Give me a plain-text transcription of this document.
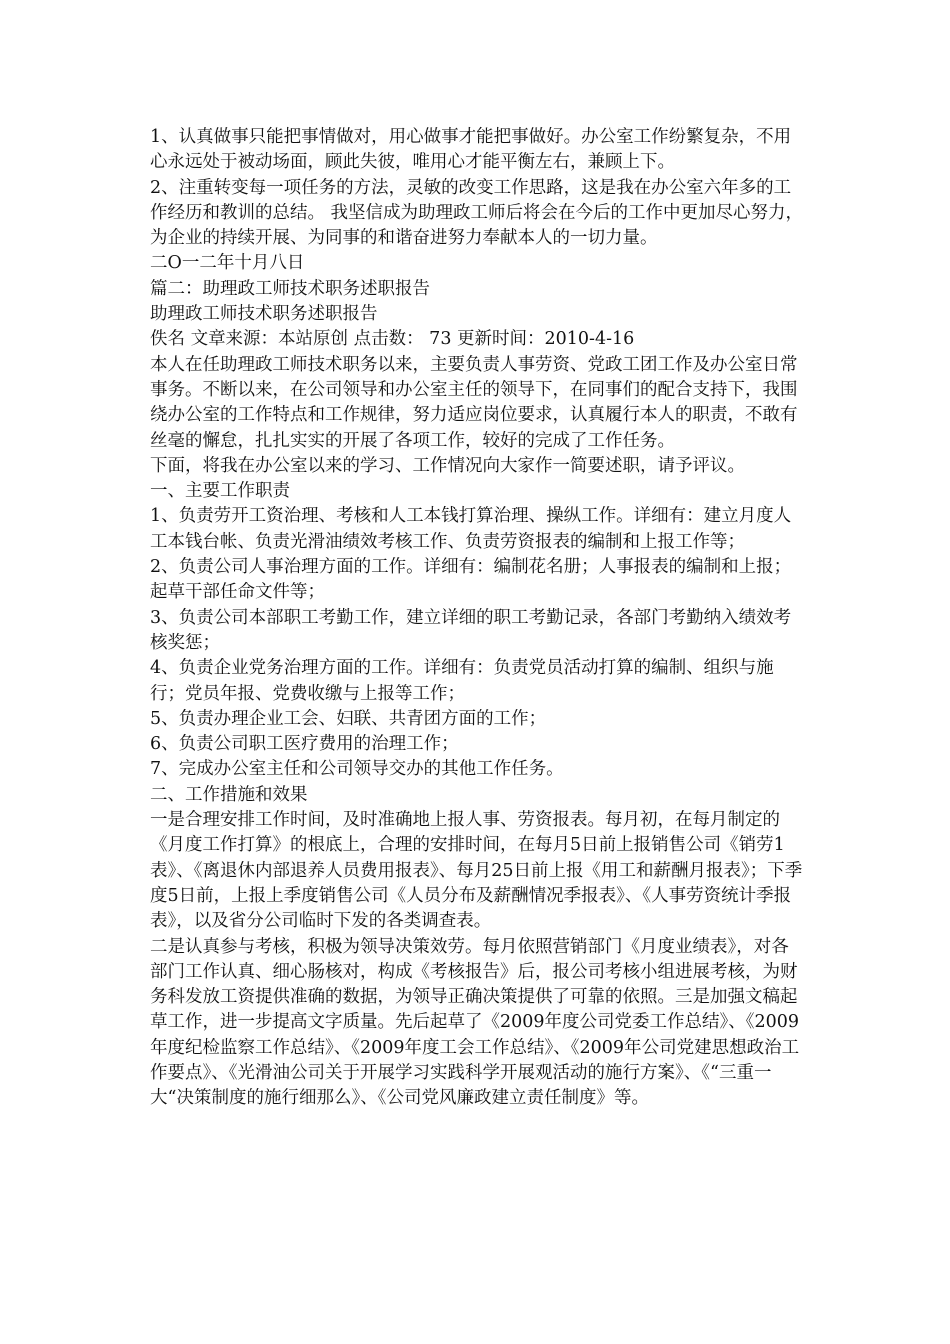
1、认真做事只能把事情做对，用心做事才能把事做好。办公室工作纷繁复杂，不用心永远处于被动场面，顾此失彼，唯用心才能平衡左右，兼顾上下。

2、注重转变每一项任务的方法，灵敏的改变工作思路，这是我在办公室六年多的工作经历和教训的总结。 我坚信成为助理政工师后将会在今后的工作中更加尽心努力，为企业的持续开展、为同事的和谐奋进努力奉献本人的一切力量。

二O一二年十月八日

篇二：助理政工师技术职务述职报告

助理政工师技术职务述职报告

佚名 文章来源：本站原创 点击数： 73 更新时间：2010-4-16

本人在任助理政工师技术职务以来，主要负责人事劳资、党政工团工作及办公室日常事务。不断以来，在公司领导和办公室主任的领导下，在同事们的配合支持下，我围绕办公室的工作特点和工作规律，努力适应岗位要求，认真履行本人的职责，不敢有丝毫的懈怠，扎扎实实的开展了各项工作，较好的完成了工作任务。

下面，将我在办公室以来的学习、工作情况向大家作一简要述职，请予评议。

一、主要工作职责

1、负责劳开工资治理、考核和人工本钱打算治理、操纵工作。详细有：建立月度人工本钱台帐、负责光滑油绩效考核工作、负责劳资报表的编制和上报工作等；

2、负责公司人事治理方面的工作。详细有：编制花名册；人事报表的编制和上报；起草干部任命文件等；

3、负责公司本部职工考勤工作，建立详细的职工考勤记录，各部门考勤纳入绩效考核奖惩；

4、负责企业党务治理方面的工作。详细有：负责党员活动打算的编制、组织与施行；党员年报、党费收缴与上报等工作；

5、负责办理企业工会、妇联、共青团方面的工作；

6、负责公司职工医疗费用的治理工作；

7、完成办公室主任和公司领导交办的其他工作任务。

二、工作措施和效果

一是合理安排工作时间，及时准确地上报人事、劳资报表。每月初，在每月制定的《月度工作打算》的根底上，合理的安排时间，在每月5日前上报销售公司《销劳1表》、《离退休内部退养人员费用报表》、每月25日前上报《用工和薪酬月报表》；下季度5日前，上报上季度销售公司《人员分布及薪酬情况季报表》、《人事劳资统计季报表》，以及省分公司临时下发的各类调查表。

二是认真参与考核，积极为领导决策效劳。每月依照营销部门《月度业绩表》，对各部门工作认真、细心肠核对，构成《考核报告》后，报公司考核小组进展考核，为财务科发放工资提供准确的数据，为领导正确决策提供了可靠的依照。三是加强文稿起草工作，进一步提高文字质量。先后起草了《2009年度公司党委工作总结》、《2009年度纪检监察工作总结》、《2009年度工会工作总结》、《2009年公司党建思想政治工作要点》、《光滑油公司关于开展学习实践科学开展观活动的施行方案》、《“三重一大“决策制度的施行细那么》、《公司党风廉政建立责任制度》等。
